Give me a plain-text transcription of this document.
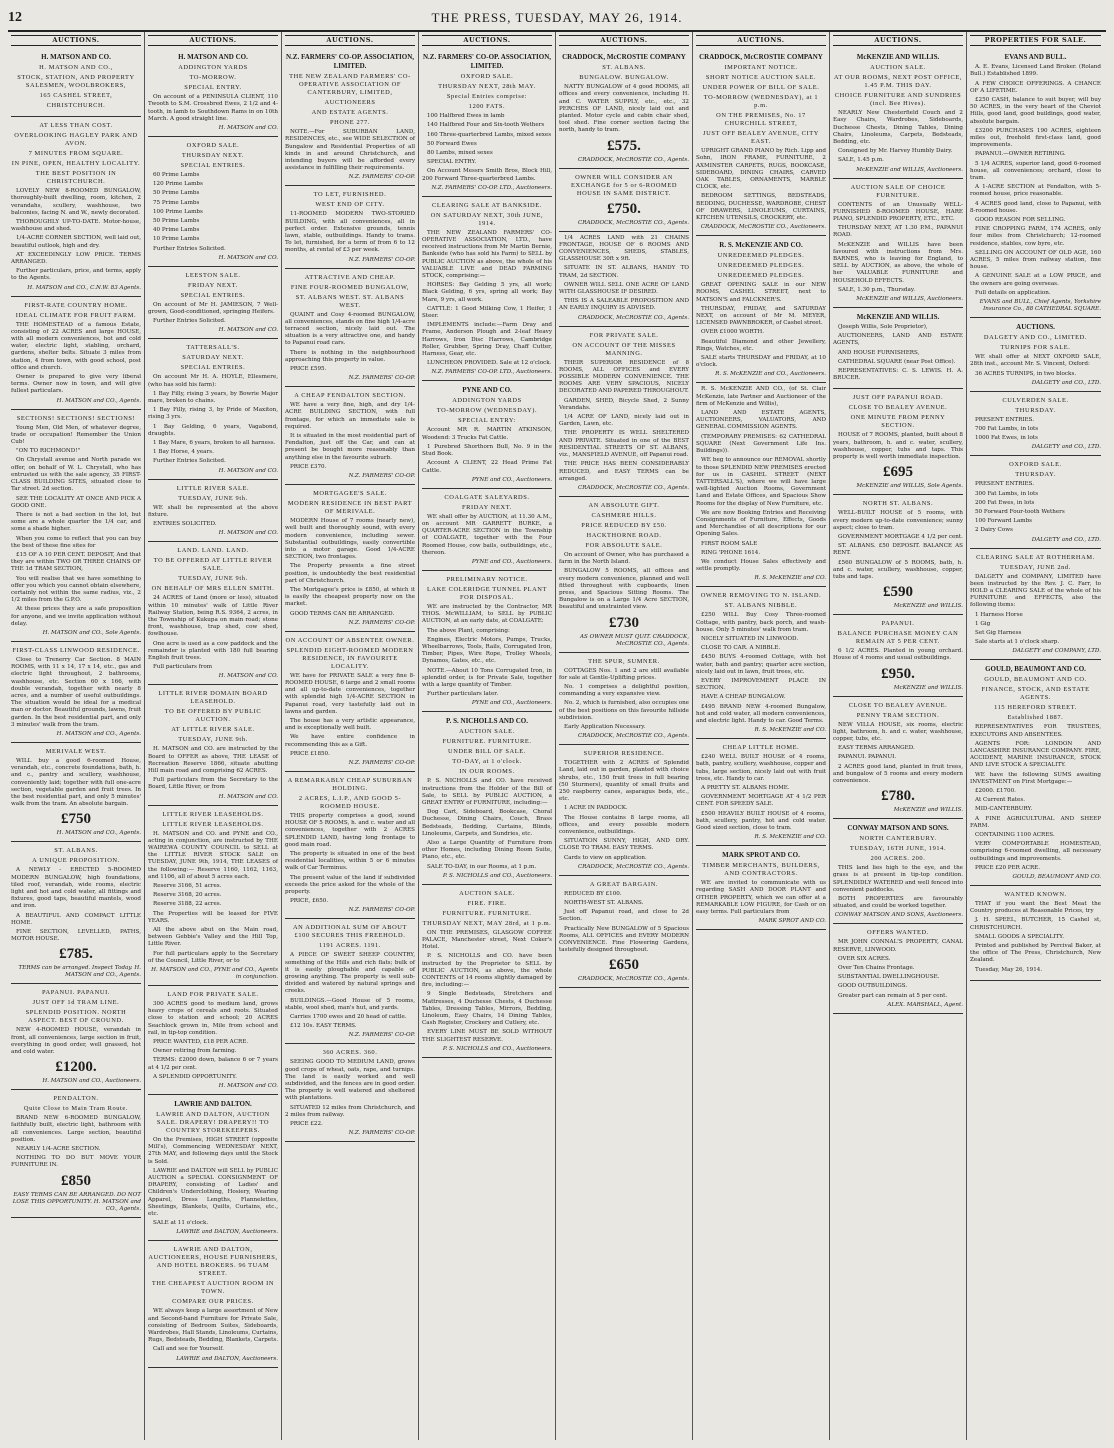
12	THE PRESS, TUESDAY, MAY 26, 1914.
AUCTIONS.
H. MATSON AND CO.
H. MATSON AND CO.,
STOCK, STATION, AND PROPERTY SALESMEN, WOOLBROKERS,
165 CASHEL STREET,
CHRISTCHURCH.
AT LESS THAN COST.
OVERLOOKING HAGLEY PARK AND AVON.
7 MINUTES FROM SQUARE.
IN PINE, OPEN, HEALTHY LOCALITY.
THE BEST POSITION IN CHRISTCHURCH.

LOVELY NEW 8-ROOMED BUNGALOW, thoroughly-built dwelling, room, kitchen, 2 verandahs, scullery, washhouse, two balconies, facing N. and W., newly decorated.

THOROUGHLY UP-TO-DATE. Motor-house, washhouse and shed.

1/4-ACRE CORNER SECTION, well laid out, beautiful outlook, high and dry.

AT EXCEEDINGLY LOW PRICE. TERMS ARRANGED.

Further particulars, price, and terms, apply to the Agents.

H. MATSON and CO., C.N.W. 83 Agents.
FIRST-RATE COUNTRY HOME.
IDEAL CLIMATE FOR FRUIT FARM.

THE HOMESTEAD of a famous Estate, consisting of 22 ACRES and large HOUSE, with all modern conveniences, hot and cold water, electric light, stabling, orchard, gardens, shelter belts. Situate 3 miles from station, 4 from town, with good school, post office and church.

Owner is prepared to give very liberal terms. Owner now in town, and will give fullest particulars.

H. MATSON and CO., Agents.
SECTIONS! SECTIONS! SECTIONS!

Young Men, Old Men, of whatever degree, trade or occupation! Remember the Union Cub!

"ON TO RICHMOND!"

On Chrystall avenue and North parade we offer, on behalf of W. L. Chrystall, who has entrusted us with the sale agency, 35 FIRST-CLASS BUILDING SITES, situated close to Tar street. 2d section.

SEE THE LOCALITY AT ONCE AND PICK A GOOD ONE.

There is not a bad section in the lot, but some are a whole quarter the 1/4 car, and some a shade higher.

When you come to reflect that you can buy the best of these fine sites for

£15 OF A 10 PER CENT. DEPOSIT, And that they are within TWO OR THREE CHAINS OF THE 1d TRAM SECTION,

You will realise that we have something to offer you which you cannot obtain elsewhere, certainly not within the same radius, viz., 2 1/2 miles from the G.P.O.

At these prices they are a safe proposition for anyone, and we invite application without delay.

H. MATSON and CO., Sole Agents.
FIRST-CLASS LINWOOD RESIDENCE.

Close to Trenerry Car Section. 8 MAIN ROOMS, with 11 x 14, 17 x 14, etc., gas and electric light throughout, 2 bathrooms, washhouse, etc. Section 60 x 166, with double verandah, together with nearly 8 acres, and a number of useful outbuildings. The situation would be ideal for a medical man or doctor. Beautiful grounds, lawns, fruit garden. In the best residential part, and only 3 minutes' walk from the tram.

H. MATSON and CO., Agents.
MERIVALE WEST.

WILL buy a good 6-roomed House, verandah, etc., concrete foundations, bath, h. and c., pantry and scullery, washhouse, conveniently laid; together with full one-acre section, vegetable garden and fruit trees. In the best residential part, and only 5 minutes' walk from the tram. An absolute bargain.

£750
H. MATSON and CO., Agents.
ST. ALBANS.
A UNIQUE PROPOSITION.

A NEWLY - ERECTED 5-ROOMED MODERN BUNGALOW, high foundations, tiled roof, verandah, wide rooms, electric light and hot and cold water, all fittings and fixtures, good taps, beautiful mantels, wood and iron.

A BEAUTIFUL AND COMPACT LITTLE HOME.

FINE SECTION, LEVELLED, PATHS, MOTOR HOUSE.

£785.
TERMS can be arranged. Inspect Today. H. MATSON and CO., Agents.
PAPANUI. PAPANUI.
JUST OFF 1d TRAM LINE.
SPLENDID POSITION. NORTH ASPECT. BEST OF CROUND.

NEW 4-ROOMED HOUSE, verandah in front, all conveniences, large section in fruit, everything in good order, well grassed, hot and cold water.

£1200.
H. MATSON and CO., Auctioneers.
PENDALTON.
Quite Close to Main Tram Route.

BRAND NEW 6-ROOMED BUNGALOW, faithfully built, electric light, bathroom with all conveniences. Large section, beautiful position.

NEARLY 1/4-ACRE SECTION.

NOTHING TO DO BUT MOVE YOUR FURNITURE IN.

£850
EASY TERMS CAN BE ARRANGED. DO NOT LOSE THIS OPPORTUNITY. H. MATSON and CO., Agents.
AUCTIONS.
H. MATSON AND CO.
ADDINGTON YARDS
TO-MORROW.
SPECIAL ENTRY.

On account of a PENINSULA CLIENT, 110 Twooth to S.M. Crossbred Ewes, 2 1/2 and 4-tooth, in lamb to Southdown Rams in on 10th March. A good straight line.

H. MATSON and CO.
OXFORD SALE.
THURSDAY NEXT.
SPECIAL ENTRIES.

60 Prime Lambs

120 Prime Lambs

50 Prime Lambs

75 Prime Lambs

100 Prime Lambs

50 Prime Lambs

40 Prime Lambs

10 Prime Lambs

Further Entries Solicited.

H. MATSON and CO.
LEESTON SALE.
FRIDAY NEXT.
SPECIAL ENTRIES.

On account of Mr H. JAMIESON, 7 Well-grown, Good-conditioned, springing Heifers.

Further Entries Solicited.

H. MATSON and CO.
TATTERSALL'S.
SATURDAY NEXT.
SPECIAL ENTRIES.

On account Mr H. A. HOYLE, Ellesmere, (who has sold his farm):

1 Bay Filly, rising 3 years, by Bowrie Major mare, broken to chains.

1 Bay Filly, rising 3, by Pride of Maxiton, rising 3 yrs.

1 Bay Gelding, 6 years, Vagabond, draughts.

1 Bay Mare, 6 years, broken to all harness.

1 Bay Horse, 4 years.

Further Entries Solicited.

H. MATSON and CO.
LITTLE RIVER SALE.
TUESDAY, JUNE 9th.

WE shall be represented at the above fixture.

ENTRIES SOLICITED.

H. MATSON and CO.
LAND. LAND. LAND.
TO BE OFFERED AT LITTLE RIVER SALE.
TUESDAY, JUNE 9th.
ON BEHALF OF MRS ELLEN SMITH.

24 ACRES of Land (more or less), situated within 10 minutes' walk of Little River Railway Station, being R.S. 9364, 2 acres, in the Township of Kukupa on main road; stone front, washhouse, trap shed, cow shed, fowlhouse.

One acre is used as a cow paddock and the remainder is planted with 180 full bearing English fruit trees.

Full particulars from

H. MATSON and CO.
LITTLE RIVER DOMAIN BOARD LEASEHOLD.
TO BE OFFERED BY PUBLIC AUCTION.
AT LITTLE RIVER SALE.
TUESDAY, JUNE 9th.

H. MATSON and CO. are instructed by the Board to OFFER as above, THE LEASE of Recreation Reserve 1866, situate abutting Hill main road and comprising 62 ACRES.

Full particulars from the Secretary to the Board, Little River, or from

H. MATSON and CO.
LITTLE RIVER LEASEHOLDS.
LITTLE RIVER LEASEHOLDS.

H. MATSON and CO. and PYNE and CO., acting in conjunction, are instructed by THE WAIREWA COUNTY COUNCIL to SELL at the LITTLE RIVER STOCK SALE on TUESDAY, JUNE 9th, 1914, THE LEASES of the following:— Reserve 1160, 1162, 1163, and 1106, all of about 5 acres each.

Reserve 3166, 51 acres.

Reserve 3168, 20 acres.

Reserve 3188, 22 acres.

The Properties will be leased for FIVE YEARS.

All the above abut on the Main road, between Gebbie's Valley and the Hill Top, Little River.

For full particulars apply to the Secretary of the Council, Little River, or to

H. MATSON and CO., PYNE and CO., Agents in conjunction.
LAND FOR PRIVATE SALE.

300 ACRES good to medium land, grows heavy crops of cereals and roots. Situated close to station and school; 20 ACRES Seachlock grown in, Mile from school and rail, in tip-top condition.

PRICE WANTED, £18 PER ACRE.

Owner retiring from farming.

TERMS: £2000 down, balance 6 or 7 years at 4 1/2 per cent.

A SPLENDID OPPORTUNITY.

H. MATSON and CO.
LAWRIE AND DALTON.
LAWRIE AND DALTON, AUCTION SALE. DRAPERY! DRAPERY!! TO COUNTRY STOREKEEPERS.

On the Premises, HIGH STREET (opposite Mill's), Commencing WEDNESDAY NEXT, 27th MAY, and following days until the Stock is Sold.

LAWRIE and DALTON will SELL by PUBLIC AUCTION a SPECIAL CONSIGNMENT OF DRAPERY, consisting of Ladies' and Children's Underclothing, Hosiery, Wearing Apparel, Dress Lengths, Flannelettes, Sheetings, Blankets, Quilts, Curtains, etc., etc.

SALE at 11 o'clock.

LAWRIE and DALTON, Auctioneers.
LAWRIE AND DALTON, AUCTIONEERS, HOUSE FURNISHERS, AND HOTEL BROKERS. 96 TUAM STREET.
THE CHEAPEST AUCTION ROOM IN TOWN.
COMPARE OUR PRICES.

WE always keep a large assortment of New and Second-hand Furniture for Private Sale, consisting of Bedroom Suites, Sideboards, Wardrobes, Hall Stands, Linoleums, Curtains, Rugs, Bedsteads, Bedding, Blankets, Carpets.

Call and see for Yourself.

LAWRIE and DALTON, Auctioneers.
AUCTIONS.
N.Z. FARMERS' CO-OP. ASSOCIATION, LIMITED.
THE NEW ZEALAND FARMERS' CO-OPERATIVE ASSOCIATION OF CANTERBURY, LIMITED,
AUCTIONEERS
AND ESTATE AGENTS.
PHONE 277.

NOTE.—For SUBURBAN LAND, RESIDENCES, etc., see WIDE SELECTION of Bungalow and Residential Properties of all kinds in and around Christchurch, and intending buyers will be afforded every assistance in fulfilling their requirements.

N.Z. FARMERS' CO-OP.
TO LET, FURNISHED.
WEST END OF CITY.

11-ROOMED MODERN TWO-STORIED BUILDING, with all conveniences, all in perfect order. Extensive grounds, tennis lawn, stable, outbuildings. Handy to trams. To let, furnished, for a term of from 6 to 12 months, at rental of £3 per week.

N.Z. FARMERS' CO-OP.
ATTRACTIVE AND CHEAP.
FINE FOUR-ROOMED BUNGALOW,
ST. ALBANS WEST. ST. ALBANS WEST.

QUAINT and Cosy 4-roomed BUNGALOW, all conveniences, stands on fine high 1/4-acre terraced section, nicely laid out. The situation is a very attractive one, and handy to Papanui road cars.

There is nothing in the neighbourhood approaching this property in value.

PRICE £595.

N.Z. FARMERS' CO-OP.
A CHEAP FENDALTON SECTION.

WE have a very fine, high, and dry 1/4-ACRE BUILDING SECTION, with full frontage, for which an immediate sale is required.

It is situated in the most residential part of Fendalton, just off the Car, and can at present be bought more reasonably than anything else in the favourite suburb.

PRICE £370.

N.Z. FARMERS' CO-OP.
MORTGAGEE'S SALE.
MODERN RESIDENCE IN BEST PART OF MERIVALE.

MODERN House of 7 rooms (nearly new), well built and thoroughly sound, with every modern convenience, including sewer. Substantial outbuildings, easily convertible into a motor garage. Good 1/4-ACRE SECTION, two frontages.

The Property presents a fine street position, is undoubtedly the best residential part of Christchurch.

The Mortgagee's price is £850, at which it is easily the cheapest property now on the market.

GOOD TERMS CAN BE ARRANGED.

N.Z. FARMERS' CO-OP.
ON ACCOUNT OF ABSENTEE OWNER.
SPLENDID EIGHT-ROOMED MODERN RESIDENCE, IN FAVOURITE LOCALITY.

WE have for PRIVATE SALE a very fine 8-ROOMED HOUSE, 6 large and 2 small rooms and all up-to-date conveniences, together with splendid high 1/4-ACRE SECTION in Papanui road, very tastefully laid out in lawns and garden.

The house has a very artistic appearance, and is exceptionally well built.

We have entire confidence in recommending this as a Gift.

PRICE £1850.

N.Z. FARMERS' CO-OP.
A REMARKABLY CHEAP SUBURBAN HOLDING.
2 ACRES, L.I.P., AND GOOD 5-ROOMED HOUSE.

THIS property comprises a good, sound HOUSE OF 5 ROOMS, h. and c. water and all conveniences, together with 2 ACRES SPLENDID LAND, having long frontage to good main road.

The property is situated in one of the best residential localities, within 5 or 6 minutes walk of Car Terminus.

The present value of the land if subdivided exceeds the price asked for the whole of the property.

PRICE, £650.

N.Z. FARMERS' CO-OP.
AN ADDITIONAL SUM OF ABOUT £100 SECURES THIS FREEHOLD.
1191 ACRES. 1191.

A PIECE OF SWEET SHEEP COUNTRY, something of the Hills and rich flats; bulk of it is easily ploughable and capable of growing anything. The property is well sub-divided and watered by natural springs and creeks.

BUILDINGS.—Good House of 5 rooms, stable, wool shed, man's hut, and yards.

Carries 1700 ewes and 20 head of cattle.

£12 10s. EASY TERMS.

N.Z. FARMERS' CO-OP.
360 ACRES. 360.

SEEING GOOD TO MEDIUM LAND, grows good crops of wheat, oats, rape, and turnips. The land is easily worked and well subdivided, and the fences are in good order. The property is well watered and sheltered with plantations.

SITUATED 12 miles from Christchurch, and 2 miles from railway.

PRICE £22.

N.Z. FARMERS' CO-OP.
AUCTIONS.
N.Z. FARMERS' CO-OP. ASSOCIATION, LIMITED.
OXFORD SALE.
THURSDAY NEXT, 28th MAY.
Special Entries comprise:
1200 FATS.

100 Halfbred Ewes in lamb

140 Halfbred Four and Six-tooth Wethers

160 Three-quarterbred Lambs, mixed sexes

50 Forward Ewes

80 Lambs, mixed sexes

SPECIAL ENTRY.

On Account Messrs Smith Bros, Block Hill, 200 Forward Three-quarterbred Lambs.

N.Z. FARMERS' CO-OP. LTD., Auctioneers.
CLEARING SALE AT BANKSIDE.
ON SATURDAY NEXT, 30th JUNE, 1914.

THE NEW ZEALAND FARMERS' CO-OPERATIVE ASSOCIATION, LTD., have received instructions from Mr Martin Bernie, Bankside (who has sold his Farm) to SELL by PUBLIC AUCTION as above, the whole of his VALUABLE LIVE and DEAD FARMING STOCK, comprising:—

HORSES: Bay Gelding 5 yrs, all work; Black Gelding, 6 yrs, spring all work; Bay Mare, 9 yrs, all work.

CATTLE: 1 Good Milking Cow, 1 Heifer, 1 Steer.

IMPLEMENTS include:—Farm Dray and Frame, Anderson Plough and 2-leaf Heavy Harrows, Iron Disc Harrows, Cambridge Roller, Grubber, Spring Dray, Chaff Cutter, Harness, Gear, etc.

LUNCHEON PROVIDED. Sale at 12 o'clock.

N.Z. FARMERS' CO-OP. LTD., Auctioneers.
PYNE AND CO.
ADDINGTON YARDS
TO-MORROW (WEDNESDAY).
SPECIAL ENTRY:

Account MR R. MARTIN ATKINSON, Woodend: 3 Trucks Fat Cattle.

1 Purebred Shorthorn Bull, No. 9 in the Stud Book.

Account A CLIENT, 22 Head Prime Fat Cattle.

PYNE and CO., Auctioneers.
COALGATE SALEYARDS.
FRIDAY NEXT.

WE shall offer by AUCTION, at 11.30 A.M., on account MR GARRETT BURKE, a QUARTER-ACRE SECTION in the Township of COALGATE, together with the Four Roomed House, cow bails, outbuildings, etc., thereon.

PYNE and CO., Auctioneers.
PRELIMINARY NOTICE.
LAKE COLERIDGE TUNNEL PLANT FOR DISPOSAL.

WE are instructed by the Contractor, MR THOS. McWILLIAM, to SELL by PUBLIC AUCTION, at an early date, at COALGATE:

The above Plant, comprising:

Engines, Electric Motors, Pumps, Trucks, Wheelbarrows, Tools, Rails, Corrugated Iron, Timber, Pipes, Wire Rope, Trolley Wheels, Dynamos, Gates, etc., etc.

NOTE.—About 10 Tons Corrugated Iron, in splendid order, is for Private Sale, together with a large quantity of Timber.

Further particulars later.

PYNE and CO., Auctioneers.
P. S. NICHOLLS AND CO.
AUCTION SALE.
FURNITURE. FURNITURE.
UNDER BILL OF SALE.
TO-DAY, at 1 o'clock.
IN OUR ROOMS.

P. S. NICHOLLS and CO. have received instructions from the Holder of the Bill of Sale, to SELL by PUBLIC AUCTION, a GREAT ENTRY of FURNITURE, including:—

Dog Cart, Sideboard, Bookcase, Choral Duchesse, Dining Chairs, Couch, Brass Bedsteads, Bedding, Curtains, Blinds, Linoleums, Carpets, and Sundries, etc.

Also a Large Quantity of Furniture from other Homes, including Dining Room Suite, Piano, etc., etc.

SALE TO-DAY, in our Rooms, at 1 p.m.

P. S. NICHOLLS and CO., Auctioneers.
AUCTION SALE.
FIRE. FIRE.
FURNITURE. FURNITURE.
THURSDAY NEXT, MAY 28rd, at 1 p.m.

ON THE PREMISES, GLASGOW COFFEE PALACE, Manchester street, Next Coker's Hotel.

P. S. NICHOLLS and CO. have been instructed by the Proprietor to SELL by PUBLIC AUCTION, as above, the whole CONTENTS of 14 rooms slightly damaged by fire, including:—

9 Single Bedsteads, Stretchers and Mattresses, 4 Duchesse Chests, 4 Duchesse Tables, Dressing Tables, Mirrors, Bedding, Linoleum, Easy Chairs, 14 Dining Tables, Cash Register, Crockery and Cutlery, etc.

EVERY LINE MUST BE SOLD WITHOUT THE SLIGHTEST RESERVE.

P. S. NICHOLLS and CO., Auctioneers.
AUCTIONS.
CRADDOCK, McCROSTIE COMPANY
ST. ALBANS.
BUNGALOW. BUNGALOW.

NATTY BUNGALOW of 4 good ROOMS, all offices and every convenience, including H. and C. WATER SUPPLY, etc., etc., 32 PERCHES OF LAND, nicely laid out and planted. Motor cycle and cabin chair shed, tool shed. Fine corner section facing the north, handy to tram.

£575.
CRADDOCK, McCROSTIE CO., Agents.
OWNER WILL CONSIDER AN EXCHANGE for 5 or 6-ROOMED HOUSE IN SAME DISTRICT.
£750.
CRADDOCK, McCROSTIE CO., Agents.

1/4 ACRES LAND with 21 CHAINS FRONTAGE, HOUSE OF 6 ROOMS AND CONVENIENCES, SHEDS, STABLES, GLASSHOUSE 30ft x 9ft.

SITUATE IN ST. ALBANS, HANDY TO TRAM, 2d SECTION.

OWNER WILL SELL ONE ACRE OF LAND WITH GLASSHOUSE IF DESIRED.

THIS IS A SALEABLE PROPOSITION AND AN EARLY INQUIRY IS ADVISED.

CRADDOCK, McCROSTIE CO., Agents.
FOR PRIVATE SALE.
ON ACCOUNT OF THE MISSES MANNING.

THEIR SUPERIOR RESIDENCE of 8 ROOMS, ALL OFFICES and EVERY POSSIBLE MODERN CONVENIENCE. THE ROOMS ARE VERY SPACIOUS, NICELY DECORATED AND PAPERED THROUGHOUT.

GARDEN, SHED, Bicycle Shed, 2 Sunny Verandahs.

1/4 ACRE OF LAND, nicely laid out in Garden, Lawn, etc.

THE PROPERTY IS WELL SHELTERED AND PRIVATE. Situated in one of the BEST RESIDENTIAL STREETS OF ST. ALBANS, viz., MANSFIELD AVENUE, off Papanui road.

THE PRICE HAS BEEN CONSIDERABLY REDUCED, and EASY TERMS can be arranged.

CRADDOCK, McCROSTIE CO., Agents.
AN ABSOLUTE GIFT.
CASHMERE HILLS.
PRICE REDUCED BY £50.
HACKTHORNE ROAD.
FOR ABSOLUTE SALE.

On account of Owner, who has purchased a farm in the North Island.

BUNGALOW 5 ROOMS, all offices and every modern convenience, planned and well fitted throughout with cupboards, linen press, and Spacious Sitting Rooms. The Bungalow is on a Large 1/4 Acre SECTION, beautiful and unstrainted view.

£730
AS OWNER MUST QUIT. CRADDOCK, McCROSTIE CO., Agents.
THE SPUR, SUMNER.

COTTAGES Nos. 1 and 2 are still available for sale at Gentle-Uplifting prices.

No. 1 comprises a delightful position, commanding a very expansive view.

No. 2, which is furnished, also occupies one of the best positions on this favourite hillside subdivision.

Early Application Necessary.

CRADDOCK, McCROSTIE CO., Agents.
SUPERIOR RESIDENCE.

TOGETHER with 2 ACRES of Splendid Land, laid out in garden, planted with choice shrubs, etc., 150 fruit trees in full bearing (50 Sturmers), quantity of small fruits and 250 raspberry canes, asparagus beds, etc., etc.

1 ACRE IN PADDOCK.

The House contains 8 large rooms, all offices, and every possible modern convenience, outbuildings.

SITUATION SUNNY, HIGH, AND DRY. CLOSE TO TRAM. EASY TERMS.

Cards to view on application.

CRADDOCK, McCROSTIE CO., Agents.
A GREAT BARGAIN.

REDUCED BY £100.

NORTH-WEST ST. ALBANS.

Just off Papanui road, and close to 2d Section.

Practically New BUNGALOW of 5 Spacious Rooms, ALL OFFICES and EVERY MODERN CONVENIENCE. Fine Flowering Gardens, tastefully designed throughout.

£650
CRADDOCK, McCROSTIE CO., Agents.
AUCTIONS.
CRADDOCK, McCROSTIE COMPANY
IMPORTANT NOTICE.
SHORT NOTICE AUCTION SALE.
UNDER POWER OF BILL OF SALE.
TO-MORROW (WEDNESDAY), at 1 p.m.
ON THE PREMISES, No. 17 CHURCHILL STREET,
JUST OFF BEALEY AVENUE, CITY EAST.

UPRIGHT GRAND PIANO by Rich. Lipp and Sohn, IRON FRAME, FURNITURE, 2 AXMINSTER CARPETS, RUGS, BOOKCASE, SIDEBOARD, DINING CHAIRS, CARVED OAK TABLES, ORNAMENTS, MARBLE CLOCK, etc.

BEDROOM SETTINGS, BEDSTEADS, BEDDING, DUCHESSE, WARDROBE, CHEST OF DRAWERS, LINOLEUMS, CURTAINS, KITCHEN UTENSILS, CROCKERY, etc.

CRADDOCK, McCROSTIE CO., Auctioneers.
R. S. McKENZIE AND CO.
UNREDEEMED PLEDGES.
UNREDEEMED PLEDGES.
UNREDEEMED PLEDGES.

GREAT OPENING SALE in our NEW ROOMS, CASHEL STREET, next to MATSON'S and FALCKNER'S.

THURSDAY, FRIDAY, and SATURDAY NEXT, on account of Mr M. MEYER, LICENSED PAWNBROKER, of Cashel street.

OVER £1000 WORTH.

Beautiful Diamond and other Jewellery, Rings, Watches, etc.

SALE starts THURSDAY and FRIDAY, at 10 o'clock.

R. S. McKENZIE and CO., Auctioneers.

R. S. McKENZIE AND CO., (of St. Clair McKenzie, late Partner and Auctioneer of the firm of McKenzie and Willis),

LAND AND ESTATE AGENTS, AUCTIONEERS, VALUATORS, AND GENERAL COMMISSION AGENTS.

(TEMPORARY PREMISES: 62 CATHEDRAL SQUARE (Next Government Life Ins. Buildings)).

WE beg to announce our REMOVAL shortly to those SPLENDID NEW PREMISES erected for us in CASHEL STREET (NEXT TATTERSALL'S), where we will have large well-lighted Auction Rooms, Government Land and Estate Offices, and Spacious Show Rooms for the display of New Furniture, etc.

We are now Booking Entries and Receiving Consignments of Furniture, Effects, Goods and Merchandise of all descriptions for our Opening Sales.

FIRST ROOM SALE

RING 'PHONE 1614.

We conduct House Sales effectively and settle promptly.

R. S. McKENZIE and CO.
OWNER REMOVING TO N. ISLAND.
ST. ALBANS NIBBLE.

£250 WILL Buy Cosy Three-roomed Cottage, with pantry, back porch, and wash-house. Only 5 minutes' walk from tram.

NICELY SITUATED IN LINWOOD.

CLOSE TO CAR. A NIBBLE.

£450 BUYS 4-roomed Cottage, with hot water, bath and pantry; quarter acre section, nicely laid out in lawn, fruit trees, etc.

EVERY IMPROVEMENT PLACE IN SECTION.

HAVE A CHEAP BUNGALOW.

£495 BRAND NEW 4-roomed Bungalow, hot and cold water, all modern conveniences, and electric light. Handy to car. Good Terms.

R. S. McKENZIE and CO.
CHEAP LITTLE HOME.

£240 WELL BUILT HOUSE of 4 rooms, bath, pantry, scullery, washhouse, copper and tubs, large section, nicely laid out with fruit trees, etc. Handy to car.

A PRETTY ST. ALBANS HOME.

GOVERNMENT MORTGAGE AT 4 1/2 PER CENT. FOR SPEEDY SALE.

£500 HEAVILY BUILT HOUSE of 4 rooms, bath, scullery, pantry, hot and cold water. Good sized section, close to tram.

R. S. McKENZIE and CO.
MARK SPROT AND CO.
TIMBER MERCHANTS, BUILDERS, AND CONTRACTORS.

WE are invited to communicate with us regarding SASH AND DOOR PLANT and OTHER PROPERTY, which we can offer at a REMARKABLE LOW FIGURE, for Cash or on easy terms. Full particulars from

MARK SPROT AND CO.
AUCTIONS.
McKENZIE AND WILLIS.
AUCTION SALE.
AT OUR ROOMS, NEXT POST OFFICE, 1.45 P.M. THIS DAY.
CHOICE FURNITURE AND SUNDRIES (incl. Bee Hives).

NEARLY New Chesterfield Couch and 2 Easy Chairs, Wardrobes, Sideboards, Duchesse Chests, Dining Tables, Dining Chairs, Linoleums, Carpets, Bedsteads, Bedding, etc.

Consigned by Mr. Harvey Humbly Dairy.

SALE, 1.45 p.m.

McKENZIE and WILLIS, Auctioneers.
AUCTION SALE OF CHOICE FURNITURE.

CONTENTS of an Unusually WELL-FURNISHED 8-ROOMED HOUSE, HARE PIANO, SPLENDID PROPERTY, ETC., ETC.

THURSDAY NEXT, AT 1.30 P.M., PAPANUI ROAD.

McKENZIE and WILLIS have been favoured with instructions from Mrs. BARNES, who is leaving for England, to SELL by AUCTION, as above, the whole of her VALUABLE FURNITURE and HOUSEHOLD EFFECTS.

SALE, 1.30 p.m., Thursday.

McKENZIE and WILLIS, Auctioneers.
McKENZIE AND WILLIS.

(Joseph Willis, Sole Proprietor),

AUCTIONEERS, LAND AND ESTATE AGENTS,

AND HOUSE FURNISHERS,

CATHEDRAL SQUARE (near Post Office).

REPRESENTATIVES: C. S. LEWIS. H. A. BRUCER.

JUST OFF PAPANUI ROAD.
CLOSE TO BEALEY AVENUE.
ONE MINUTE FROM PENNY SECTION.

HOUSE of 7 ROOMS, planted, built about 8 years, bathroom, h. and c. water, scullery, washhouse, copper, tubs and taps. This property is well worth immediate inspection.

£695
McKENZIE and WILLIS, Sole Agents.
NORTH ST. ALBANS.

WELL-BUILT HOUSE of 5 rooms, with every modern up-to-date convenience; sunny aspect; close to tram.

GOVERNMENT MORTGAGE 4 1/2 per cent.

ST. ALBANS. £50 DEPOSIT. BALANCE AS RENT.

£560 BUNGALOW of 5 ROOMS, bath, h. and c. water, scullery, washhouse, copper, tubs and taps.

£590
McKENZIE and WILLIS.
PAPANUI.
BALANCE PURCHASE MONEY CAN REMAIN AT 5 PER CENT.

6 1/2 ACRES. Planted in young orchard. House of 4 rooms and usual outbuildings.

£950.
McKENZIE and WILLIS.
CLOSE TO BEALEY AVENUE.
PENNY TRAM SECTION.

NEW VILLA HOUSE, six rooms, electric light, bathroom, h. and c. water, washhouse, copper, tubs, etc.

EASY TERMS ARRANGED.

PAPANUI. PAPANUI.

2 ACRES good land, planted in fruit trees, and bungalow of 5 rooms and every modern convenience.

£780.
McKENZIE and WILLIS.
CONWAY MATSON AND SONS.
NORTH CANTERBURY.
TUESDAY, 16TH JUNE, 1914.
200 ACRES. 200.

THIS land lies high to the eye, and the grass is at present in tip-top condition. SPLENDIDLY WATERED and well fenced into convenient paddocks.

BOTH PROPERTIES are favourably situated, and could be worked together.

CONWAY MATSON AND SONS, Auctioneers.
OFFERS WANTED.

MR JOHN CONNAL'S PROPERTY, CANAL RESERVE, LINWOOD.

OVER SIX ACRES.

Over Ten Chains Frontage.

SUBSTANTIAL DWELLINGHOUSE.

GOOD OUTBUILDINGS.

Greater part can remain at 5 per cent.

ALEX. MARSHALL, Agent.
PROPERTIES FOR SALE.
EVANS AND BULL.

A. E. Evans, Licensed Land Broker. (Roland Bull.) Established 1899.

A FEW CHOICE OFFERINGS. A CHANCE OF A LIFETIME.

£250 CASH, balance to suit buyer, will buy 50 ACRES, in the very heart of the Cheviot Hills, good land, good buildings, good water, absolute bargain.

£3200 PURCHASES 190 ACRES, eighteen miles out, freehold first-class land, good improvements.

PAPANUI.—OWNER RETIRING.

5 1/4 ACRES, superior land, good 6-roomed house, all conveniences; orchard, close to tram.

A 1-ACRE SECTION at Fendalton, with 5-roomed house, price reasonable.

4 ACRES good land, close to Papanui, with 8-roomed house.

GOOD REASON FOR SELLING.

FINE CROPPING FARM, 174 ACRES, only four miles from Christchurch; 12-roomed residence, stables, cow byre, etc.

SELLING ON ACCOUNT OF OLD AGE, 160 ACRES, 5 miles from railway station, fine house.

A GENUINE SALE at a LOW PRICE, and the owners are going overseas.

Full details on application.

EVANS and BULL, Chief Agents, Yorkshire Insurance Co., 88 CATHEDRAL SQUARE.
AUCTIONS.
DALGETY AND CO., LIMITED.
TURNIPS FOR SALE.

WE shall offer at NEXT OXFORD SALE, 28th inst., account Mr. S. Vincent, Oxford:

36 ACRES TURNIPS, in two blocks.

DALGETY and CO., LTD.
CULVERDEN SALE.
THURSDAY.

PRESENT ENTRIES.

700 Fat Lambs, in lots

1000 Fat Ewes, in lots

DALGETY and CO., LTD.
OXFORD SALE.
THURSDAY.

PRESENT ENTRIES.

300 Fat Lambs, in lots

200 Fat Ewes, in lots

50 Forward Four-tooth Wethers

100 Forward Lambs

2 Dairy Cows

DALGETY and CO., LTD.
CLEARING SALE AT ROTHERHAM.
TUESDAY, JUNE 2nd.

DALGETY and COMPANY, LIMITED have been instructed by the Rev. J. C. Farr, to HOLD a CLEARING SALE of the whole of his FURNITURE and EFFECTS, also the following items:

1 Harness Horse

1 Gig

Set Gig Harness

Sale starts at 1 o'clock sharp.

DALGETY and COMPANY, LTD.
GOULD, BEAUMONT AND CO.
GOULD, BEAUMONT AND CO.
FINANCE, STOCK, AND ESTATE AGENTS.
115 HEREFORD STREET.
Established 1887.

REPRESENTATIVES FOR TRUSTEES, EXECUTORS AND ABSENTEES.

AGENTS FOR: LONDON AND LANCASHIRE INSURANCE COMPANY. FIRE, ACCIDENT, MARINE INSURANCE, STOCK AND LIVE STOCK A SPECIALITY.

WE have the following SUMS awaiting INVESTMENT on First Mortgage:—

£2000. £1700.

At Current Rates.

MID-CANTERBURY.

A FINE AGRICULTURAL AND SHEEP FARM.

CONTAINING 1100 ACRES.

VERY COMFORTABLE HOMESTEAD, comprising 6-roomed dwelling, all necessary outbuildings and improvements.

PRICE £20 PER ACRE.

GOULD, BEAUMONT AND CO.
WANTED KNOWN.

THAT if you want the Best Meat the Country produces at Reasonable Prices, try

J. H. SPEEL, BUTCHER, 15 Cashel st, CHRISTCHURCH.

SMALL GOODS A SPECIALITY.

Printed and published by Percival Baker, at the office of The Press, Christchurch, New Zealand.

Tuesday, May 26, 1914.
